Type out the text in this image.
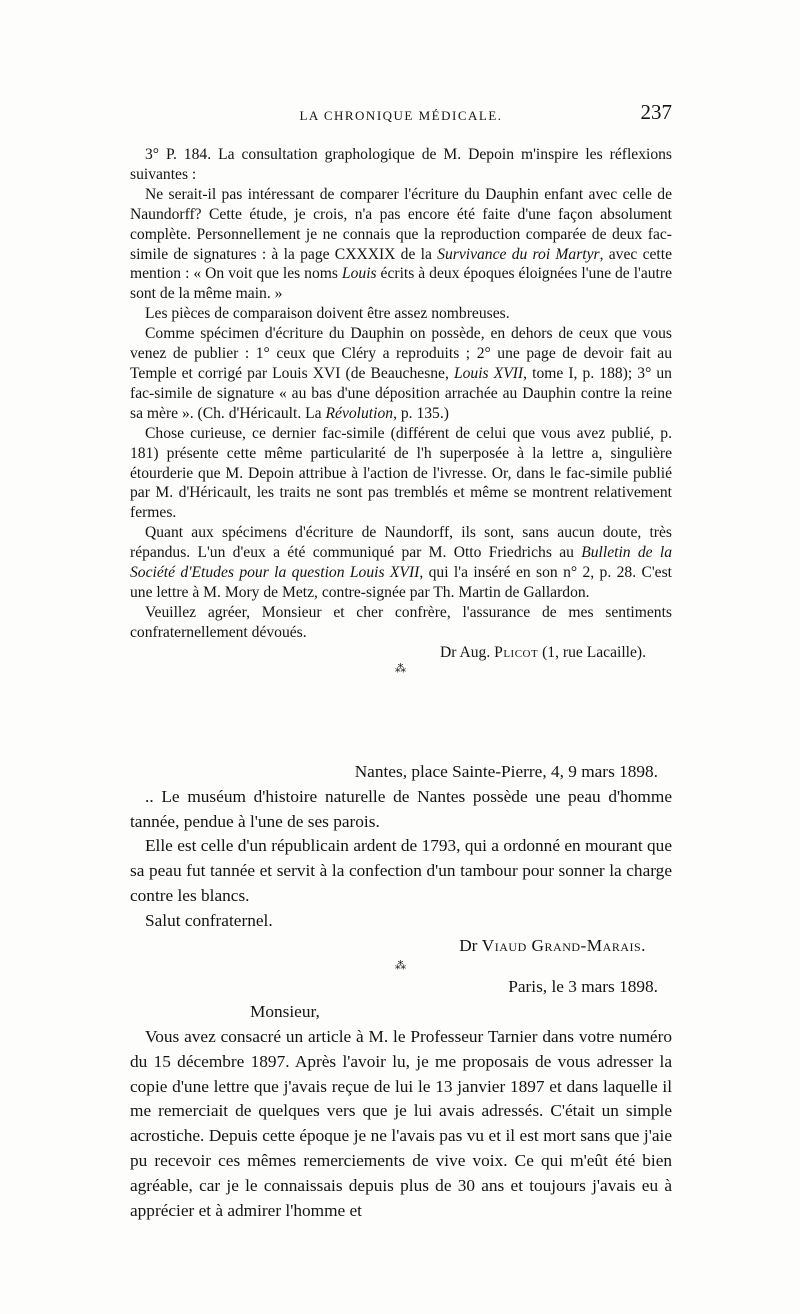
LA CHRONIQUE MÉDICALE.	237

3° P. 184. La consultation graphologique de M. Depoin m'inspire les réflexions suivantes :

Ne serait-il pas intéressant de comparer l'écriture du Dauphin enfant avec celle de Naundorff? Cette étude, je crois, n'a pas encore été faite d'une façon absolument complète. Personnellement je ne connais que la reproduction comparée de deux fac-simile de signatures : à la page CXXXIX de la Survivance du roi Martyr, avec cette mention : « On voit que les noms Louis écrits à deux époques éloignées l'une de l'autre sont de la même main. »

Les pièces de comparaison doivent être assez nombreuses.

Comme spécimen d'écriture du Dauphin on possède, en dehors de ceux que vous venez de publier : 1° ceux que Cléry a reproduits ; 2° une page de devoir fait au Temple et corrigé par Louis XVI (de Beauchesne, Louis XVII, tome I, p. 188); 3° un fac-simile de signature « au bas d'une déposition arrachée au Dauphin contre la reine sa mère ». (Ch. d'Héricault. La Révolution, p. 135.)

Chose curieuse, ce dernier fac-simile (différent de celui que vous avez publié, p. 181) présente cette même particularité de l'h superposée à la lettre a, singulière étourderie que M. Depoin attribue à l'action de l'ivresse. Or, dans le fac-simile publié par M. d'Héricault, les traits ne sont pas tremblés et même se montrent relativement fermes.

Quant aux spécimens d'écriture de Naundorff, ils sont, sans aucun doute, très répandus. L'un d'eux a été communiqué par M. Otto Friedrichs au Bulletin de la Société d'Etudes pour la question Louis XVII, qui l'a inséré en son n° 2, p. 28. C'est une lettre à M. Mory de Metz, contre-signée par Th. Martin de Gallardon.

Veuillez agréer, Monsieur et cher confrère, l'assurance de mes sentiments confraternellement dévoués.

Dr Aug. Plicot (1, rue Lacaille).

⁂

Nantes, place Sainte-Pierre, 4, 9 mars 1898.

.. Le muséum d'histoire naturelle de Nantes possède une peau d'homme tannée, pendue à l'une de ses parois.

Elle est celle d'un républicain ardent de 1793, qui a ordonné en mourant que sa peau fut tannée et servit à la confection d'un tambour pour sonner la charge contre les blancs.

Salut confraternel.

Dr Viaud Grand-Marais.

⁂

Paris, le 3 mars 1898.

Monsieur,

Vous avez consacré un article à M. le Professeur Tarnier dans votre numéro du 15 décembre 1897. Après l'avoir lu, je me proposais de vous adresser la copie d'une lettre que j'avais reçue de lui le 13 janvier 1897 et dans laquelle il me remerciait de quelques vers que je lui avais adressés. C'était un simple acrostiche. Depuis cette époque je ne l'avais pas vu et il est mort sans que j'aie pu recevoir ces mêmes remerciements de vive voix. Ce qui m'eût été bien agréable, car je le connaissais depuis plus de 30 ans et toujours j'avais eu à apprécier et à admirer l'homme et
